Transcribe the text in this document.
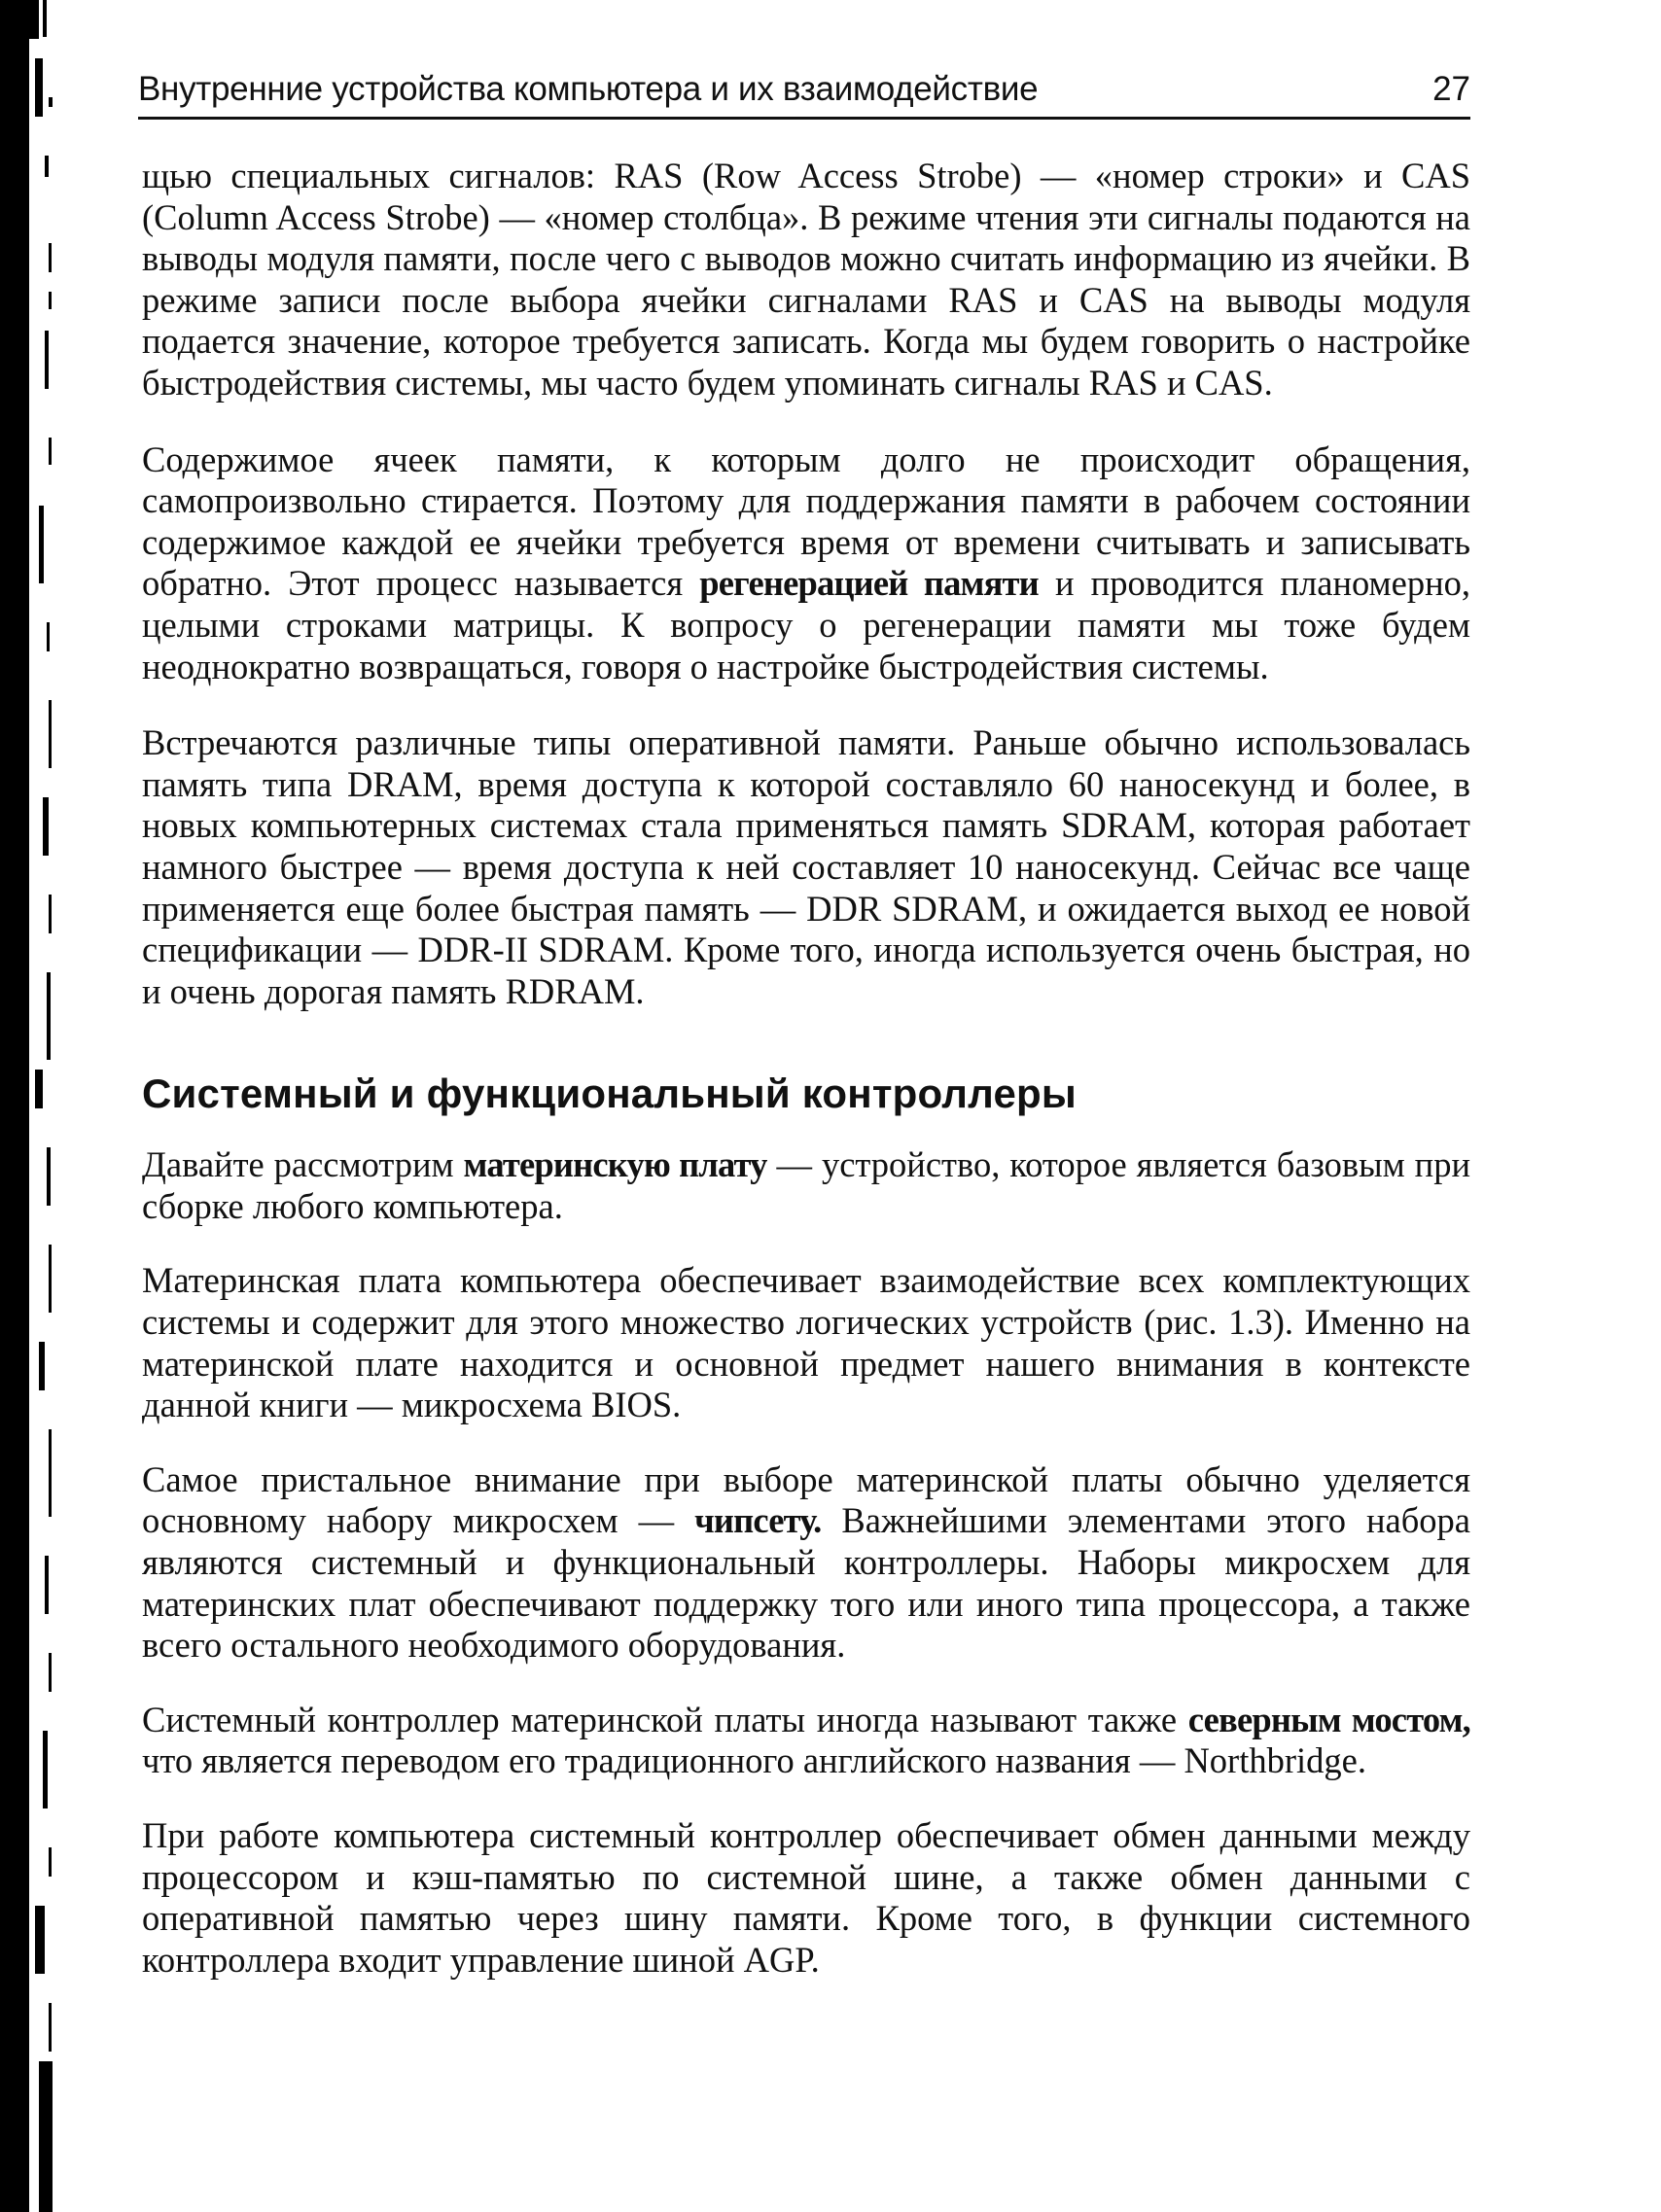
Внутренние устройства компьютера и их взаимодействие	27

щью специальных сигналов: RAS (Row Access Strobe) — «номер строки» и CAS (Column Access Strobe) — «номер столбца». В режиме чтения эти сигналы подаются на выводы модуля памяти, после чего с выводов можно считать информацию из ячейки. В режиме записи после выбора ячейки сигналами RAS и CAS на выводы модуля подается значение, которое требуется записать. Когда мы будем говорить о настройке быстродействия системы, мы часто будем упоминать сигналы RAS и CAS.

Содержимое ячеек памяти, к которым долго не происходит обращения, самопроизвольно стирается. Поэтому для поддержания памяти в рабочем состоянии содержимое каждой ее ячейки требуется время от времени считывать и записывать обратно. Этот процесс называется регенерацией памяти и проводится планомерно, целыми строками матрицы. К вопросу о регенерации памяти мы тоже будем неоднократно возвращаться, говоря о настройке быстродействия системы.

Встречаются различные типы оперативной памяти. Раньше обычно использовалась память типа DRAM, время доступа к которой составляло 60 наносекунд и более, в новых компьютерных системах стала применяться память SDRAM, которая работает намного быстрее — время доступа к ней составляет 10 наносекунд. Сейчас все чаще применяется еще более быстрая память — DDR SDRAM, и ожидается выход ее новой спецификации — DDR-II SDRAM. Кроме того, иногда используется очень быстрая, но и очень дорогая память RDRAM.

Системный и функциональный контроллеры

Давайте рассмотрим материнскую плату — устройство, которое является базовым при сборке любого компьютера.

Материнская плата компьютера обеспечивает взаимодействие всех комплектующих системы и содержит для этого множество логических устройств (рис. 1.3). Именно на материнской плате находится и основной предмет нашего внимания в контексте данной книги — микросхема BIOS.

Самое пристальное внимание при выборе материнской платы обычно уделяется основному набору микросхем — чипсету. Важнейшими элементами этого набора являются системный и функциональный контроллеры. Наборы микросхем для материнских плат обеспечивают поддержку того или иного типа процессора, а также всего остального необходимого оборудования.

Системный контроллер материнской платы иногда называют также северным мостом, что является переводом его традиционного английского названия — Northbridge.

При работе компьютера системный контроллер обеспечивает обмен данными между процессором и кэш-памятью по системной шине, а также обмен данными с оперативной памятью через шину памяти. Кроме того, в функции системного контроллера входит управление шиной AGP.
